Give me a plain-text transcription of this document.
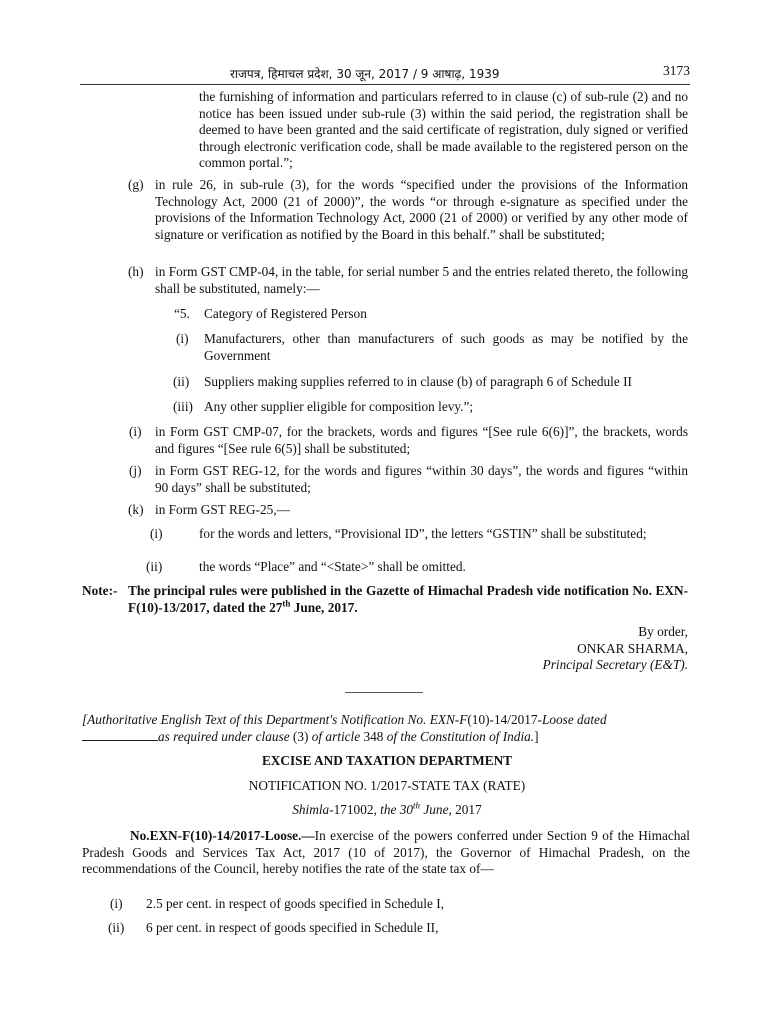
राजपत्र, हिमाचल प्रदेश, 30 जून, 2017 / 9 आषाढ़, 1939	3173
the furnishing of information and particulars referred to in clause (c) of sub-rule (2) and no notice has been issued under sub-rule (3) within the said period, the registration shall be deemed to have been granted and the said certificate of registration, duly signed or verified through electronic verification code, shall be made available to the registered person on the common portal.”;
(g) in rule 26, in sub-rule (3), for the words “specified under the provisions of the Information Technology Act, 2000 (21 of 2000)”, the words “or through e-signature as specified under the provisions of the Information Technology Act, 2000 (21 of 2000) or verified by any other mode of signature or verification as notified by the Board in this behalf.” shall be substituted;
(h) in Form GST CMP-04, in the table, for serial number 5 and the entries related thereto, the following shall be substituted, namely:—
“5. Category of Registered Person
(i) Manufacturers, other than manufacturers of such goods as may be notified by the Government
(ii) Suppliers making supplies referred to in clause (b) of paragraph 6 of Schedule II
(iii) Any other supplier eligible for composition levy.”;
(i) in Form GST CMP-07, for the brackets, words and figures “[See rule 6(6)]”, the brackets, words and figures “[See rule 6(5)] shall be substituted;
(j) in Form GST REG-12, for the words and figures “within 30 days”, the words and figures “within 90 days” shall be substituted;
(k) in Form GST REG-25,—
(i)	for the words and letters, “Provisional ID”, the letters “GSTIN” shall be substituted;
(ii)	the words “Place” and “<State>” shall be omitted.
Note:- The principal rules were published in the Gazette of Himachal Pradesh vide notification No. EXN-F(10)-13/2017, dated the 27th June, 2017.
By order,
ONKAR SHARMA,
Principal Secretary (E&T).
[Authoritative English Text of this Department's Notification No. EXN-F(10)-14/2017-Loose dated
as required under clause (3) of article 348 of the Constitution of India.]
EXCISE AND TAXATION DEPARTMENT
NOTIFICATION NO. 1/2017-STATE TAX (RATE)
Shimla-171002, the 30th June, 2017
No.EXN-F(10)-14/2017-Loose.—In exercise of the powers conferred under Section 9 of the Himachal Pradesh Goods and Services Tax Act, 2017 (10 of 2017), the Governor of Himachal Pradesh, on the recommendations of the Council, hereby notifies the rate of the state tax of—
(i) 2.5 per cent. in respect of goods specified in Schedule I,
(ii) 6 per cent. in respect of goods specified in Schedule II,
